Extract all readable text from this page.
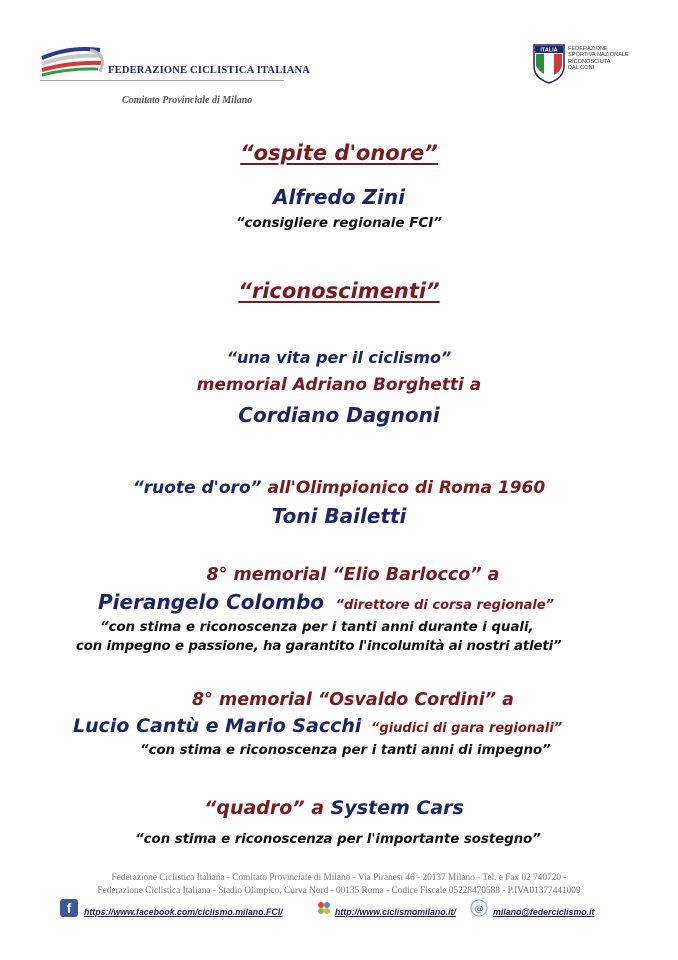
FEDERAZIONE CICLISTICA ITALIANA
Comitato Provinciale di Milano
ITALIA FEDERAZIONE
SPORTIVA NAZIONALE
RICONOSCIUTA
DAL CONI
“ospite d'onore”
Alfredo Zini
“consigliere regionale FCI”
“riconoscimenti”
“una vita per il ciclismo”
memorial Adriano Borghetti a
Cordiano Dagnoni
“ruote d'oro” all'Olimpionico di Roma 1960
Toni Bailetti
8° memorial “Elio Barlocco” a
Pierangelo Colombo “direttore di corsa regionale”
“con stima e riconoscenza per i tanti anni durante i quali,
con impegno e passione, ha garantito l'incolumità ai nostri atleti”
8° memorial “Osvaldo Cordini” a
Lucio Cantù e Mario Sacchi “giudici di gara regionali”
“con stima e riconoscenza per i tanti anni di impegno”
“quadro” a System Cars
“con stima e riconoscenza per l'importante sostegno”
Federazione Ciclistica Italiana - Comitato Provinciale di Milano - Via Piranesi 46 - 20137 Milano - Tel. e Fax 02 740720 -
Federazione Ciclistica Italiana - Stadio Olimpico, Curva Nord - 00135 Roma - Codice Fiscale 05228470588 - P.IVA01377441009
f	https://www.facebook.com/ciclismo.milano.FCI/	http://www.ciclismomilano.it/ @ milano@federciclismo.it
